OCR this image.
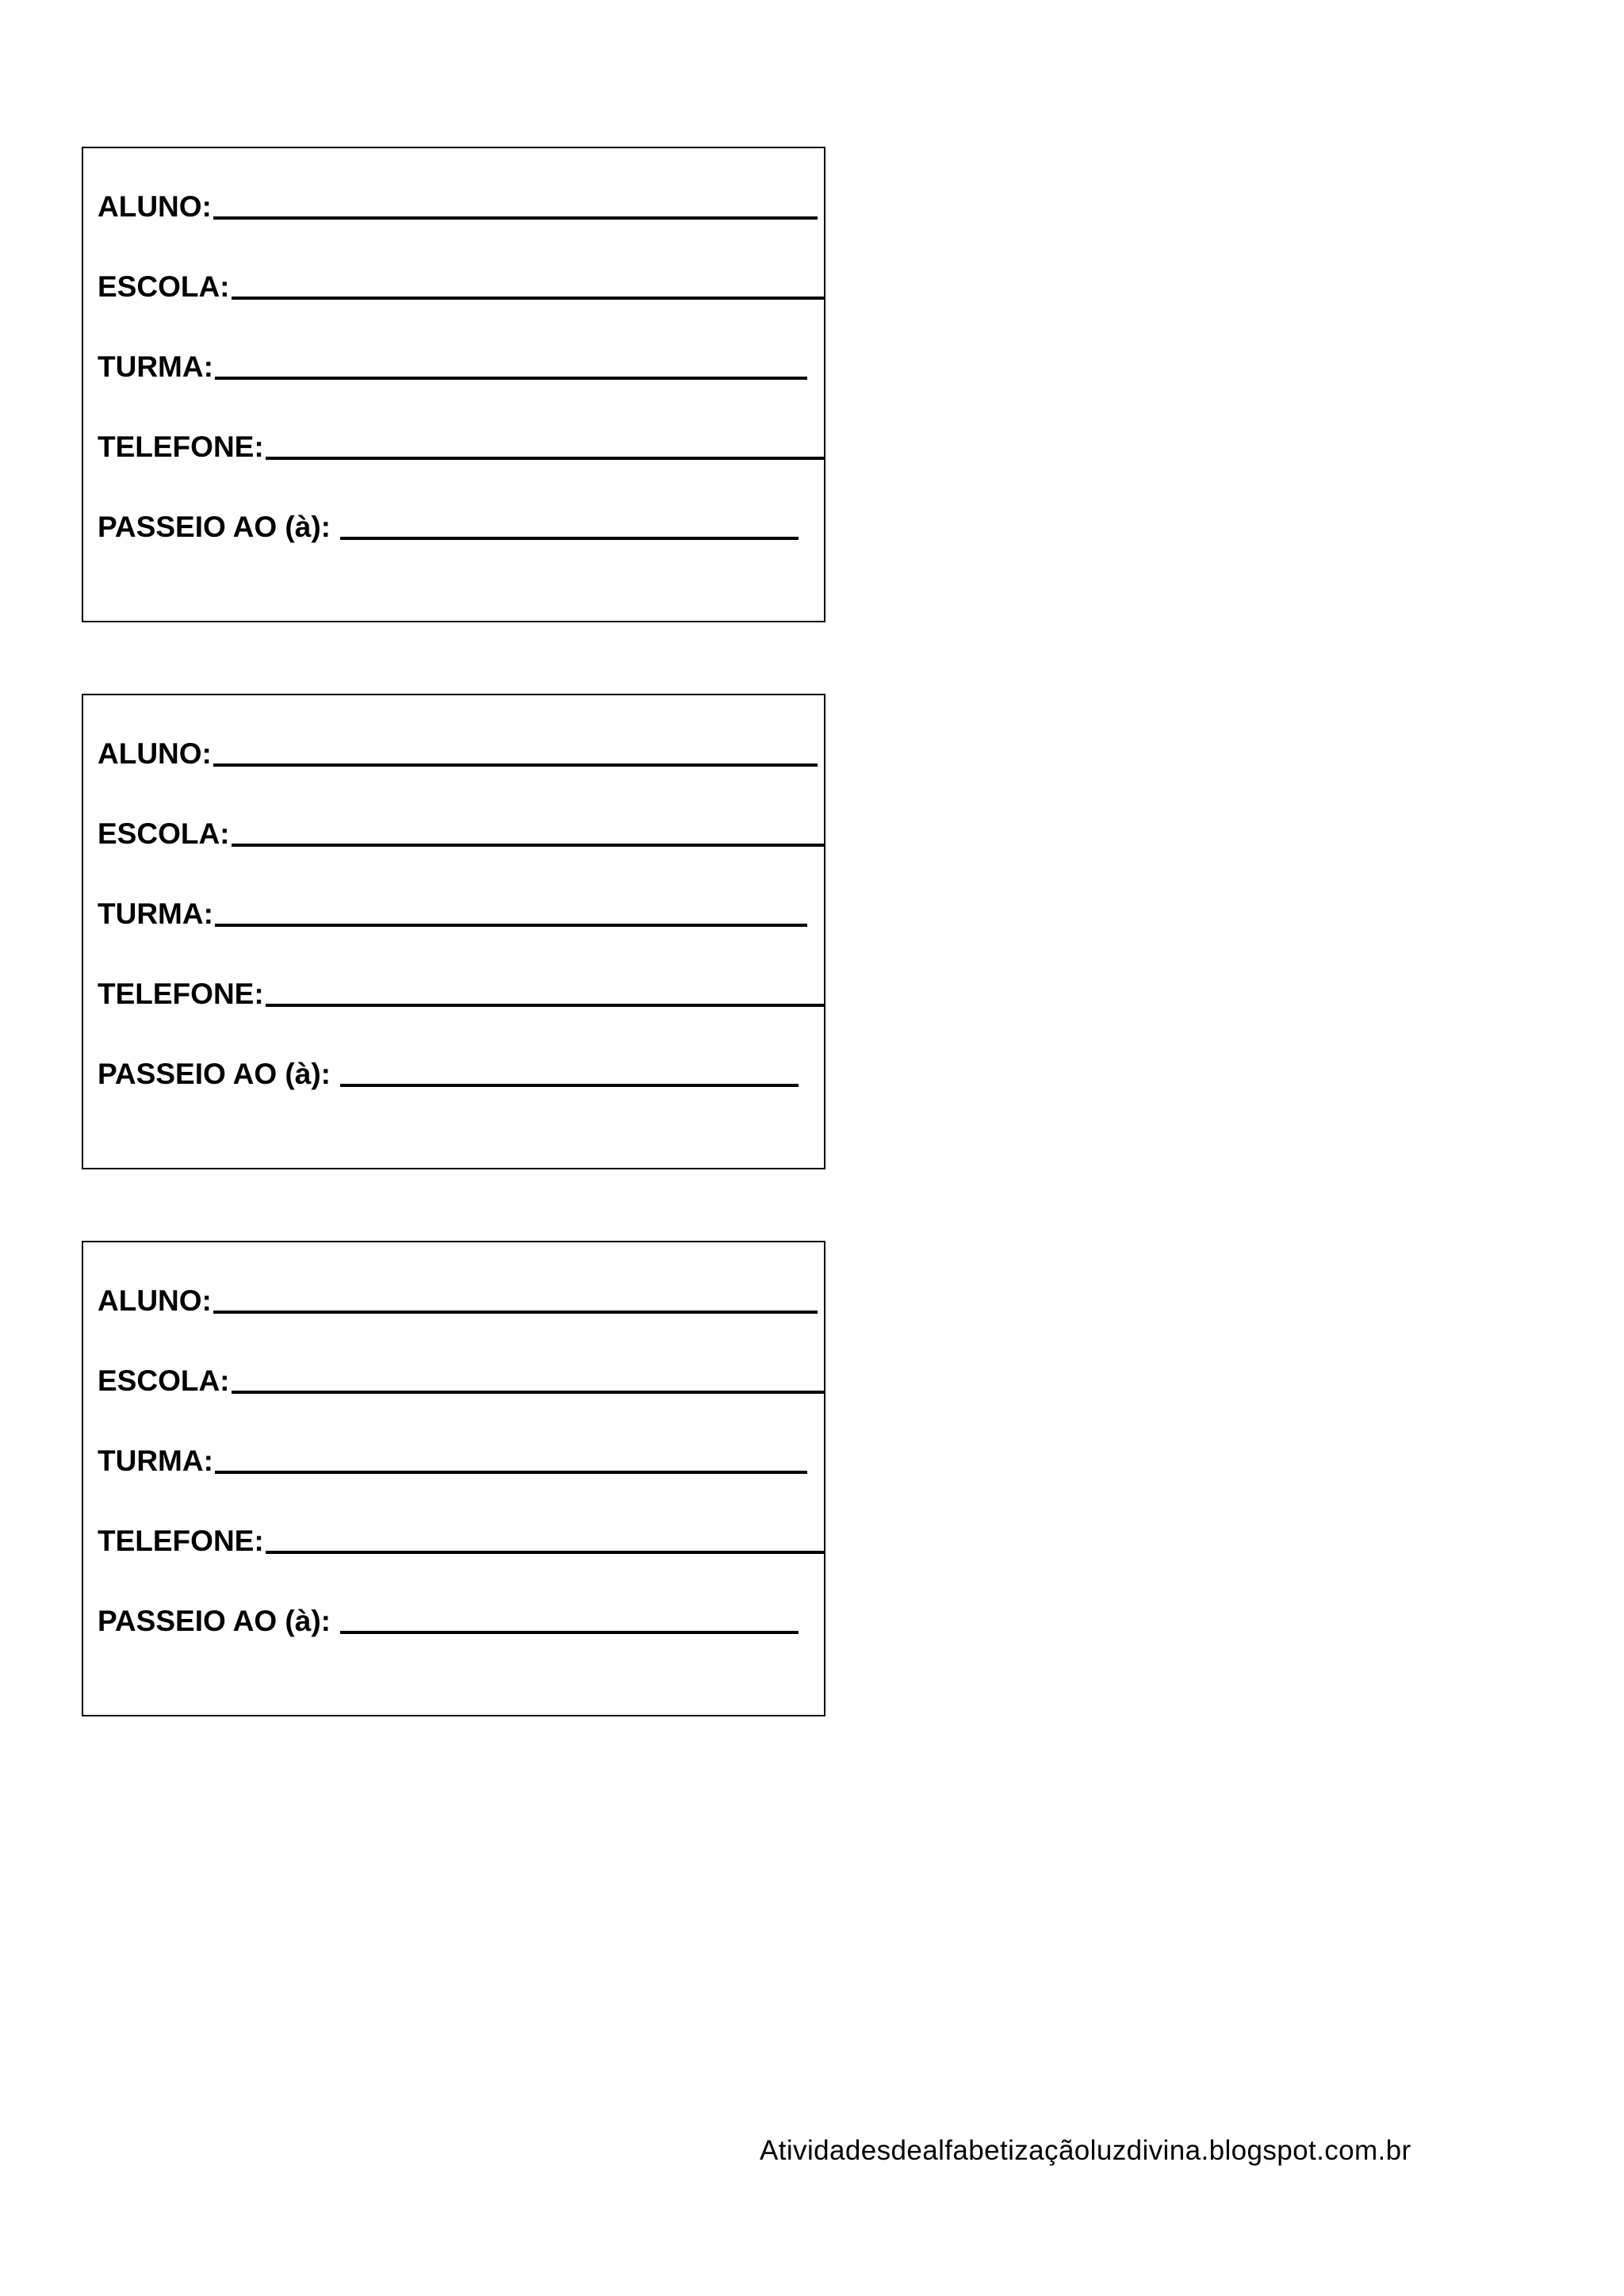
ALUNO:
ESCOLA:
TURMA:
TELEFONE:
PASSEIO AO (à):
ALUNO:
ESCOLA:
TURMA:
TELEFONE:
PASSEIO AO (à):
ALUNO:
ESCOLA:
TURMA:
TELEFONE:
PASSEIO AO (à):
Atividadesdealfabetizaçãoluzdivina.blogspot.com.br
